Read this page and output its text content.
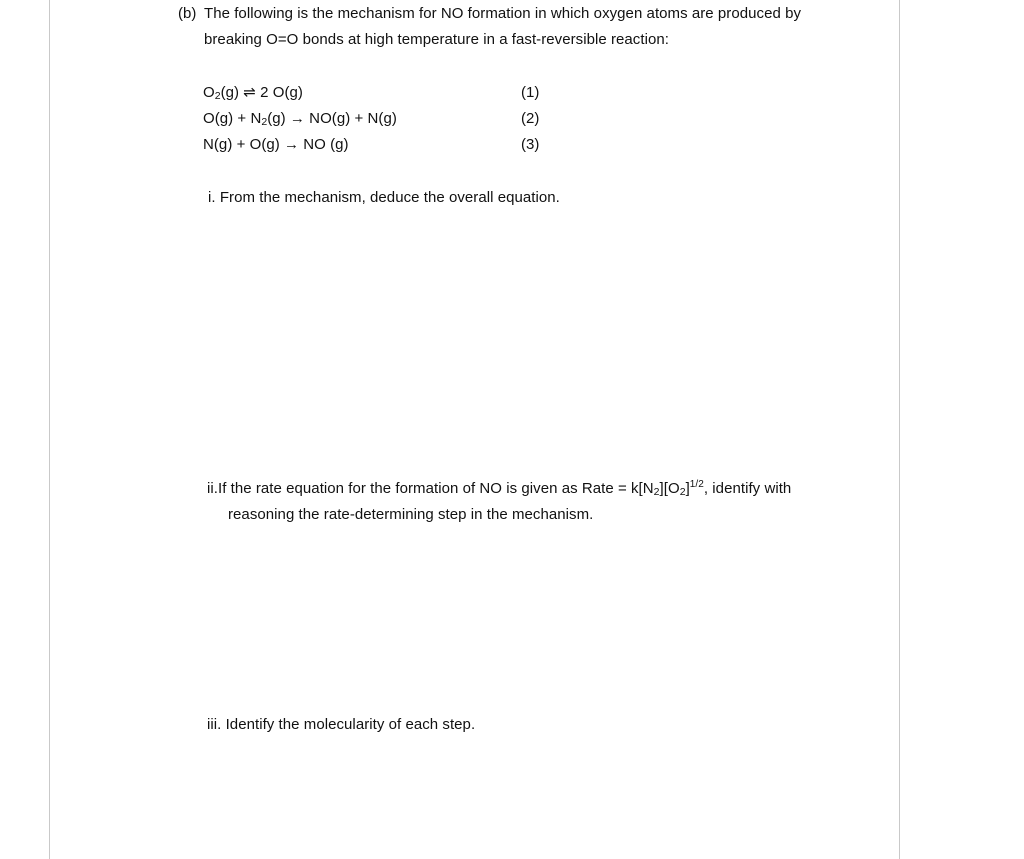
(b) The following is the mechanism for NO formation in which oxygen atoms are produced by
breaking O=O bonds at high temperature in a fast-reversible reaction:
$O_2(g)$ ⇌ 2 O(g)	(1)
$O(g) + N_2(g) \to NO(g) + N(g)$	(2)
N(g) + O(g) → NO (g)	(3)
i. From the mechanism, deduce the overall equation.
ii.If the rate equation for the formation of NO is given as Rate = $k[N_2][O_2]^{1/2}$, identify with
reasoning the rate-determining step in the mechanism.
iii. Identify the molecularity of each step.
